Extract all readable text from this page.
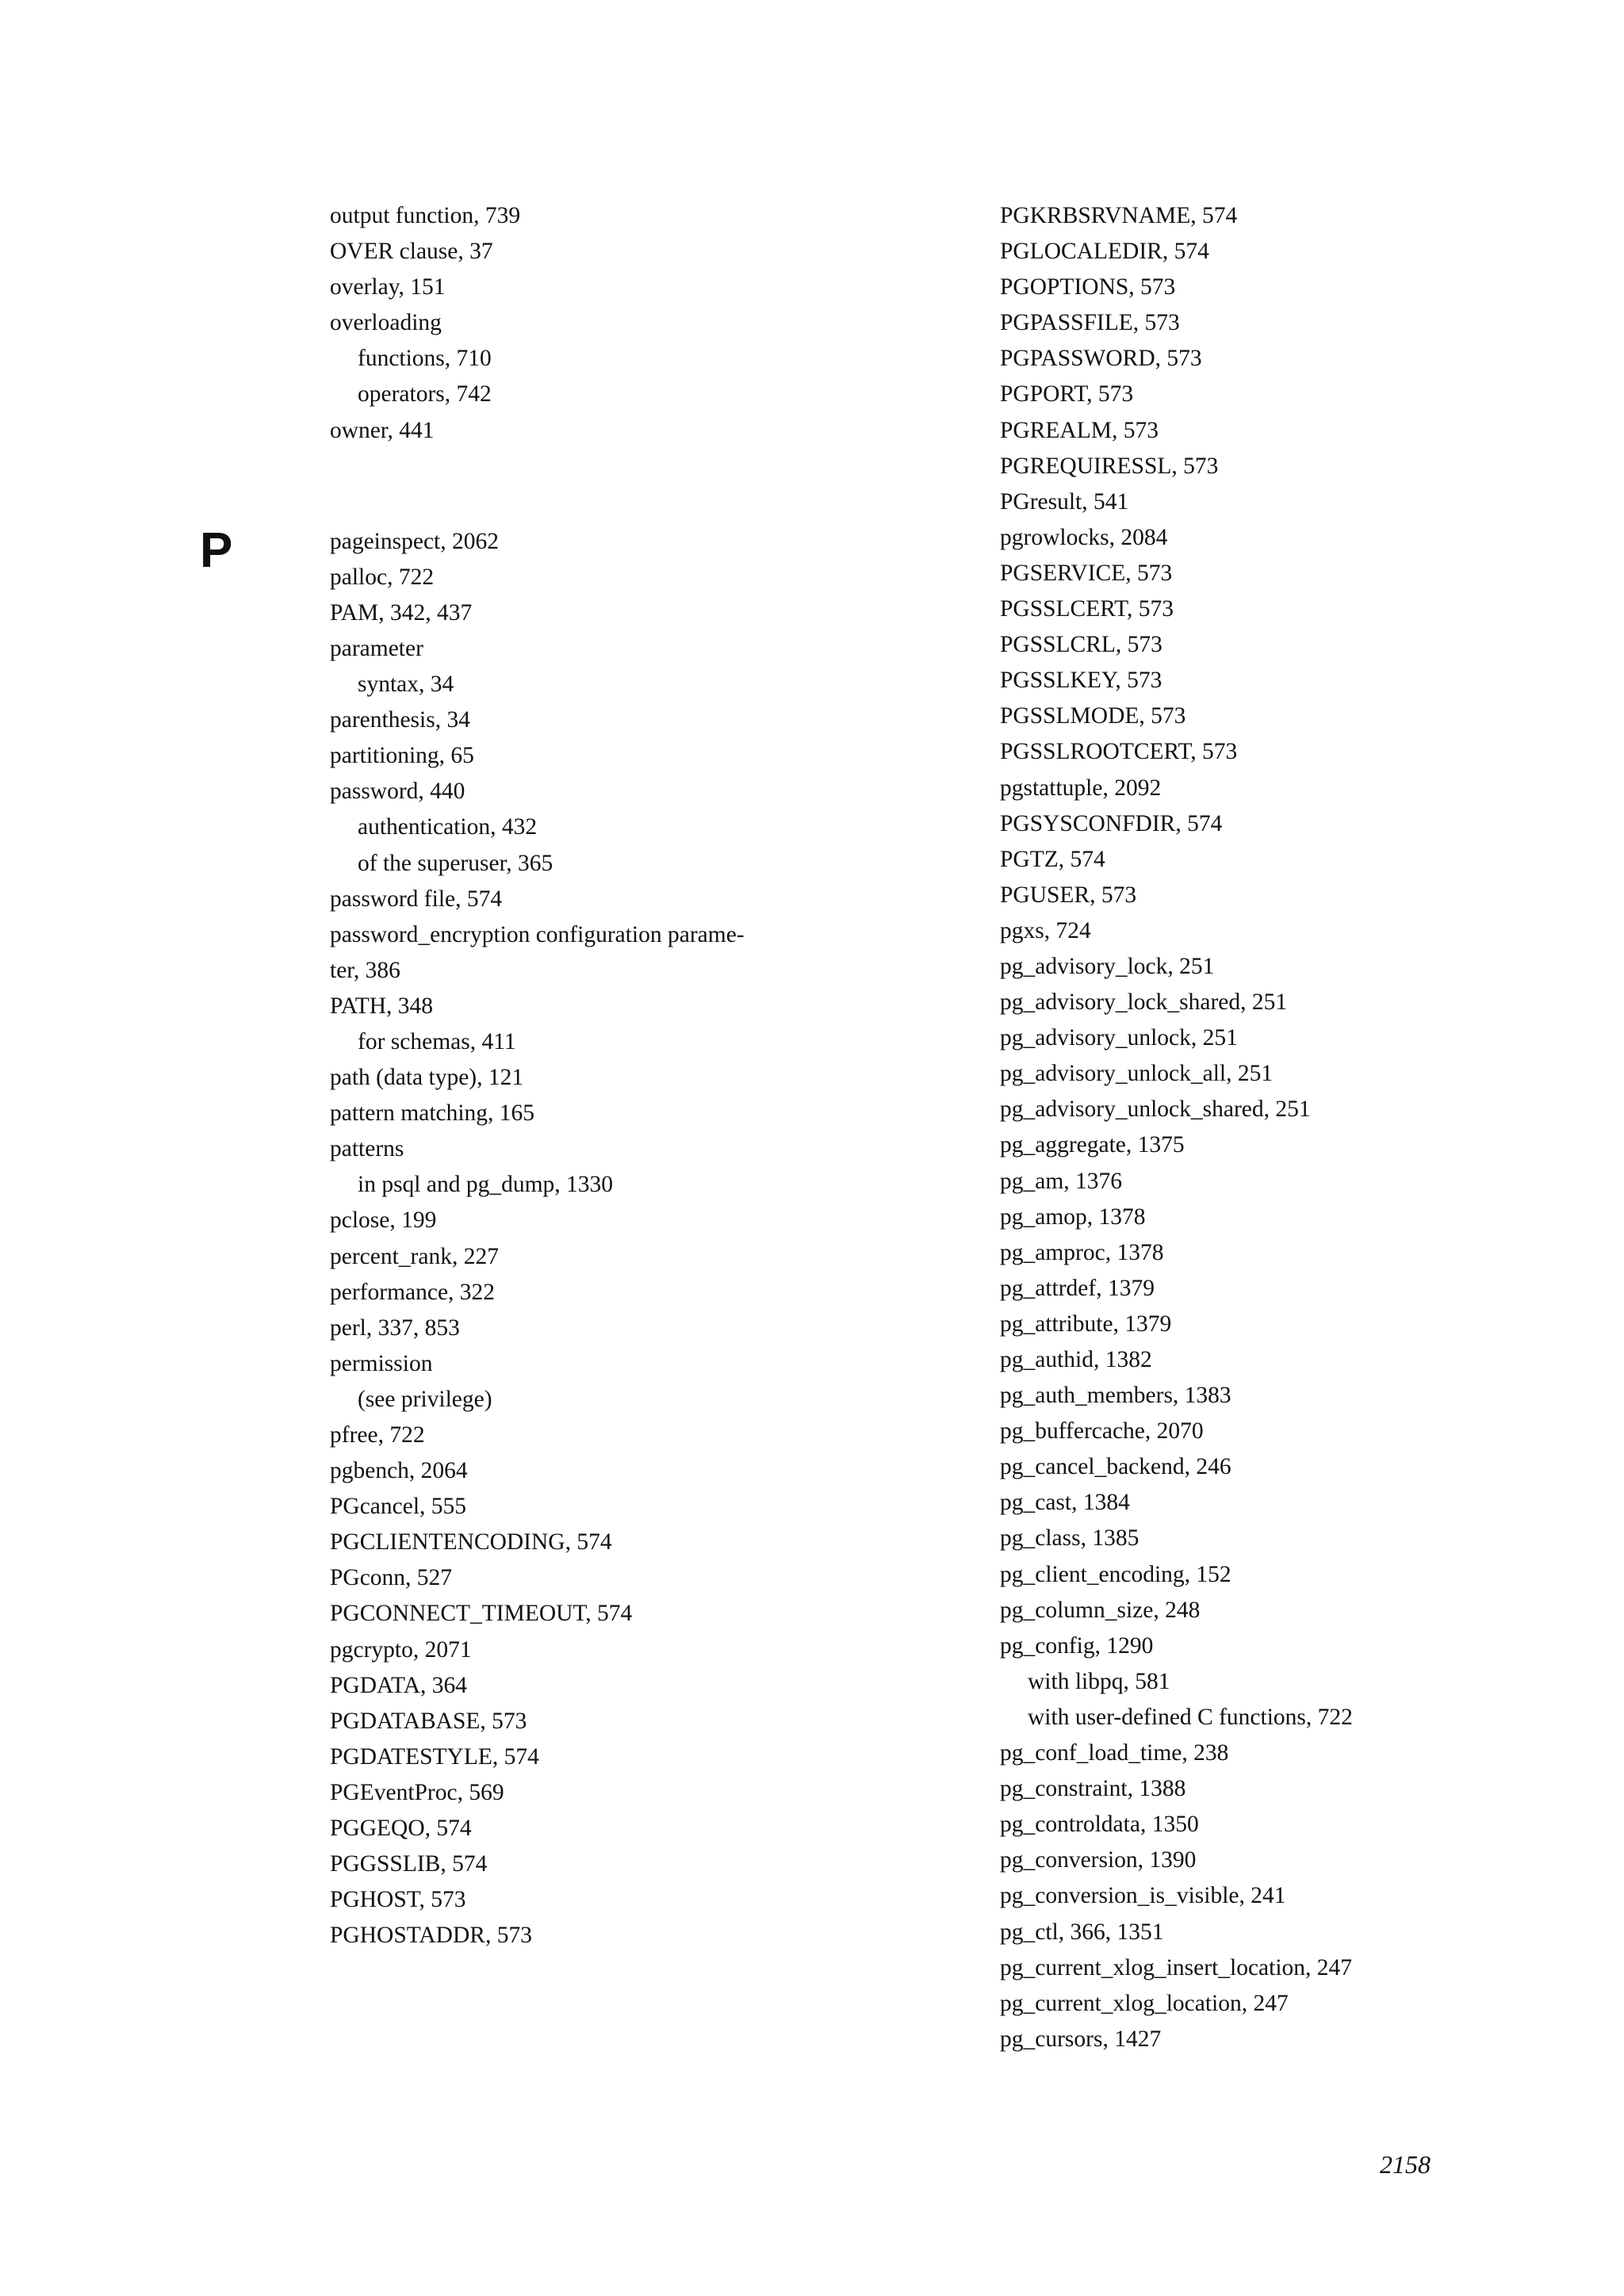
output function, 739
OVER clause, 37
overlay, 151
overloading
functions, 710
operators, 742
owner, 441
pageinspect, 2062
palloc, 722
PAM, 342, 437
parameter
syntax, 34
parenthesis, 34
partitioning, 65
password, 440
authentication, 432
of the superuser, 365
password file, 574
password_encryption configuration parame-
ter, 386
PATH, 348
for schemas, 411
path (data type), 121
pattern matching, 165
patterns
in psql and pg_dump, 1330
pclose, 199
percent_rank, 227
performance, 322
perl, 337, 853
permission
(see privilege)
pfree, 722
pgbench, 2064
PGcancel, 555
PGCLIENTENCODING, 574
PGconn, 527
PGCONNECT_TIMEOUT, 574
pgcrypto, 2071
PGDATA, 364
PGDATABASE, 573
PGDATESTYLE, 574
PGEventProc, 569
PGGEQO, 574
PGGSSLIB, 574
PGHOST, 573
PGHOSTADDR, 573
P
PGKRBSRVNAME, 574
PGLOCALEDIR, 574
PGOPTIONS, 573
PGPASSFILE, 573
PGPASSWORD, 573
PGPORT, 573
PGREALM, 573
PGREQUIRESSL, 573
PGresult, 541
pgrowlocks, 2084
PGSERVICE, 573
PGSSLCERT, 573
PGSSLCRL, 573
PGSSLKEY, 573
PGSSLMODE, 573
PGSSLROOTCERT, 573
pgstattuple, 2092
PGSYSCONFDIR, 574
PGTZ, 574
PGUSER, 573
pgxs, 724
pg_advisory_lock, 251
pg_advisory_lock_shared, 251
pg_advisory_unlock, 251
pg_advisory_unlock_all, 251
pg_advisory_unlock_shared, 251
pg_aggregate, 1375
pg_am, 1376
pg_amop, 1378
pg_amproc, 1378
pg_attrdef, 1379
pg_attribute, 1379
pg_authid, 1382
pg_auth_members, 1383
pg_buffercache, 2070
pg_cancel_backend, 246
pg_cast, 1384
pg_class, 1385
pg_client_encoding, 152
pg_column_size, 248
pg_config, 1290
with libpq, 581
with user-defined C functions, 722
pg_conf_load_time, 238
pg_constraint, 1388
pg_controldata, 1350
pg_conversion, 1390
pg_conversion_is_visible, 241
pg_ctl, 366, 1351
pg_current_xlog_insert_location, 247
pg_current_xlog_location, 247
pg_cursors, 1427
2158
